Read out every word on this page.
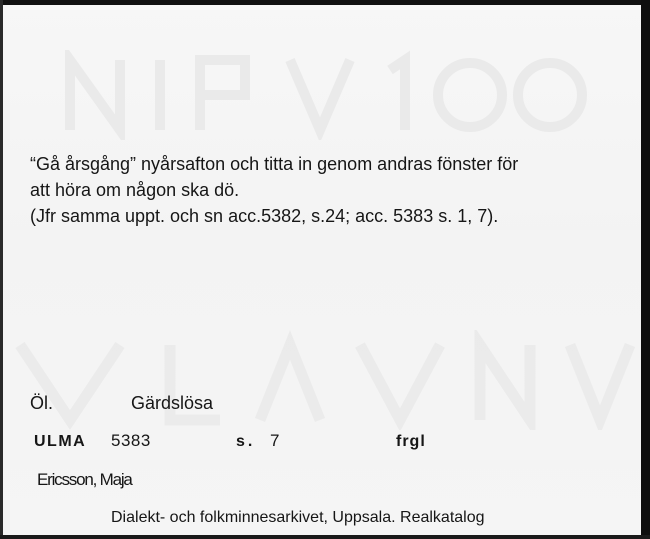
“Gå årsgång” nyårsafton och titta in genom andras fönster för
att höra om någon ska dö.
(Jfr samma uppt. och sn acc.5382, s.24; acc. 5383 s. 1, 7).
Öl.	Gärdslösa
ULMA 5383	s. 7	frgl
Ericsson, Maja
Dialekt- och folkminnesarkivet, Uppsala. Realkatalog
